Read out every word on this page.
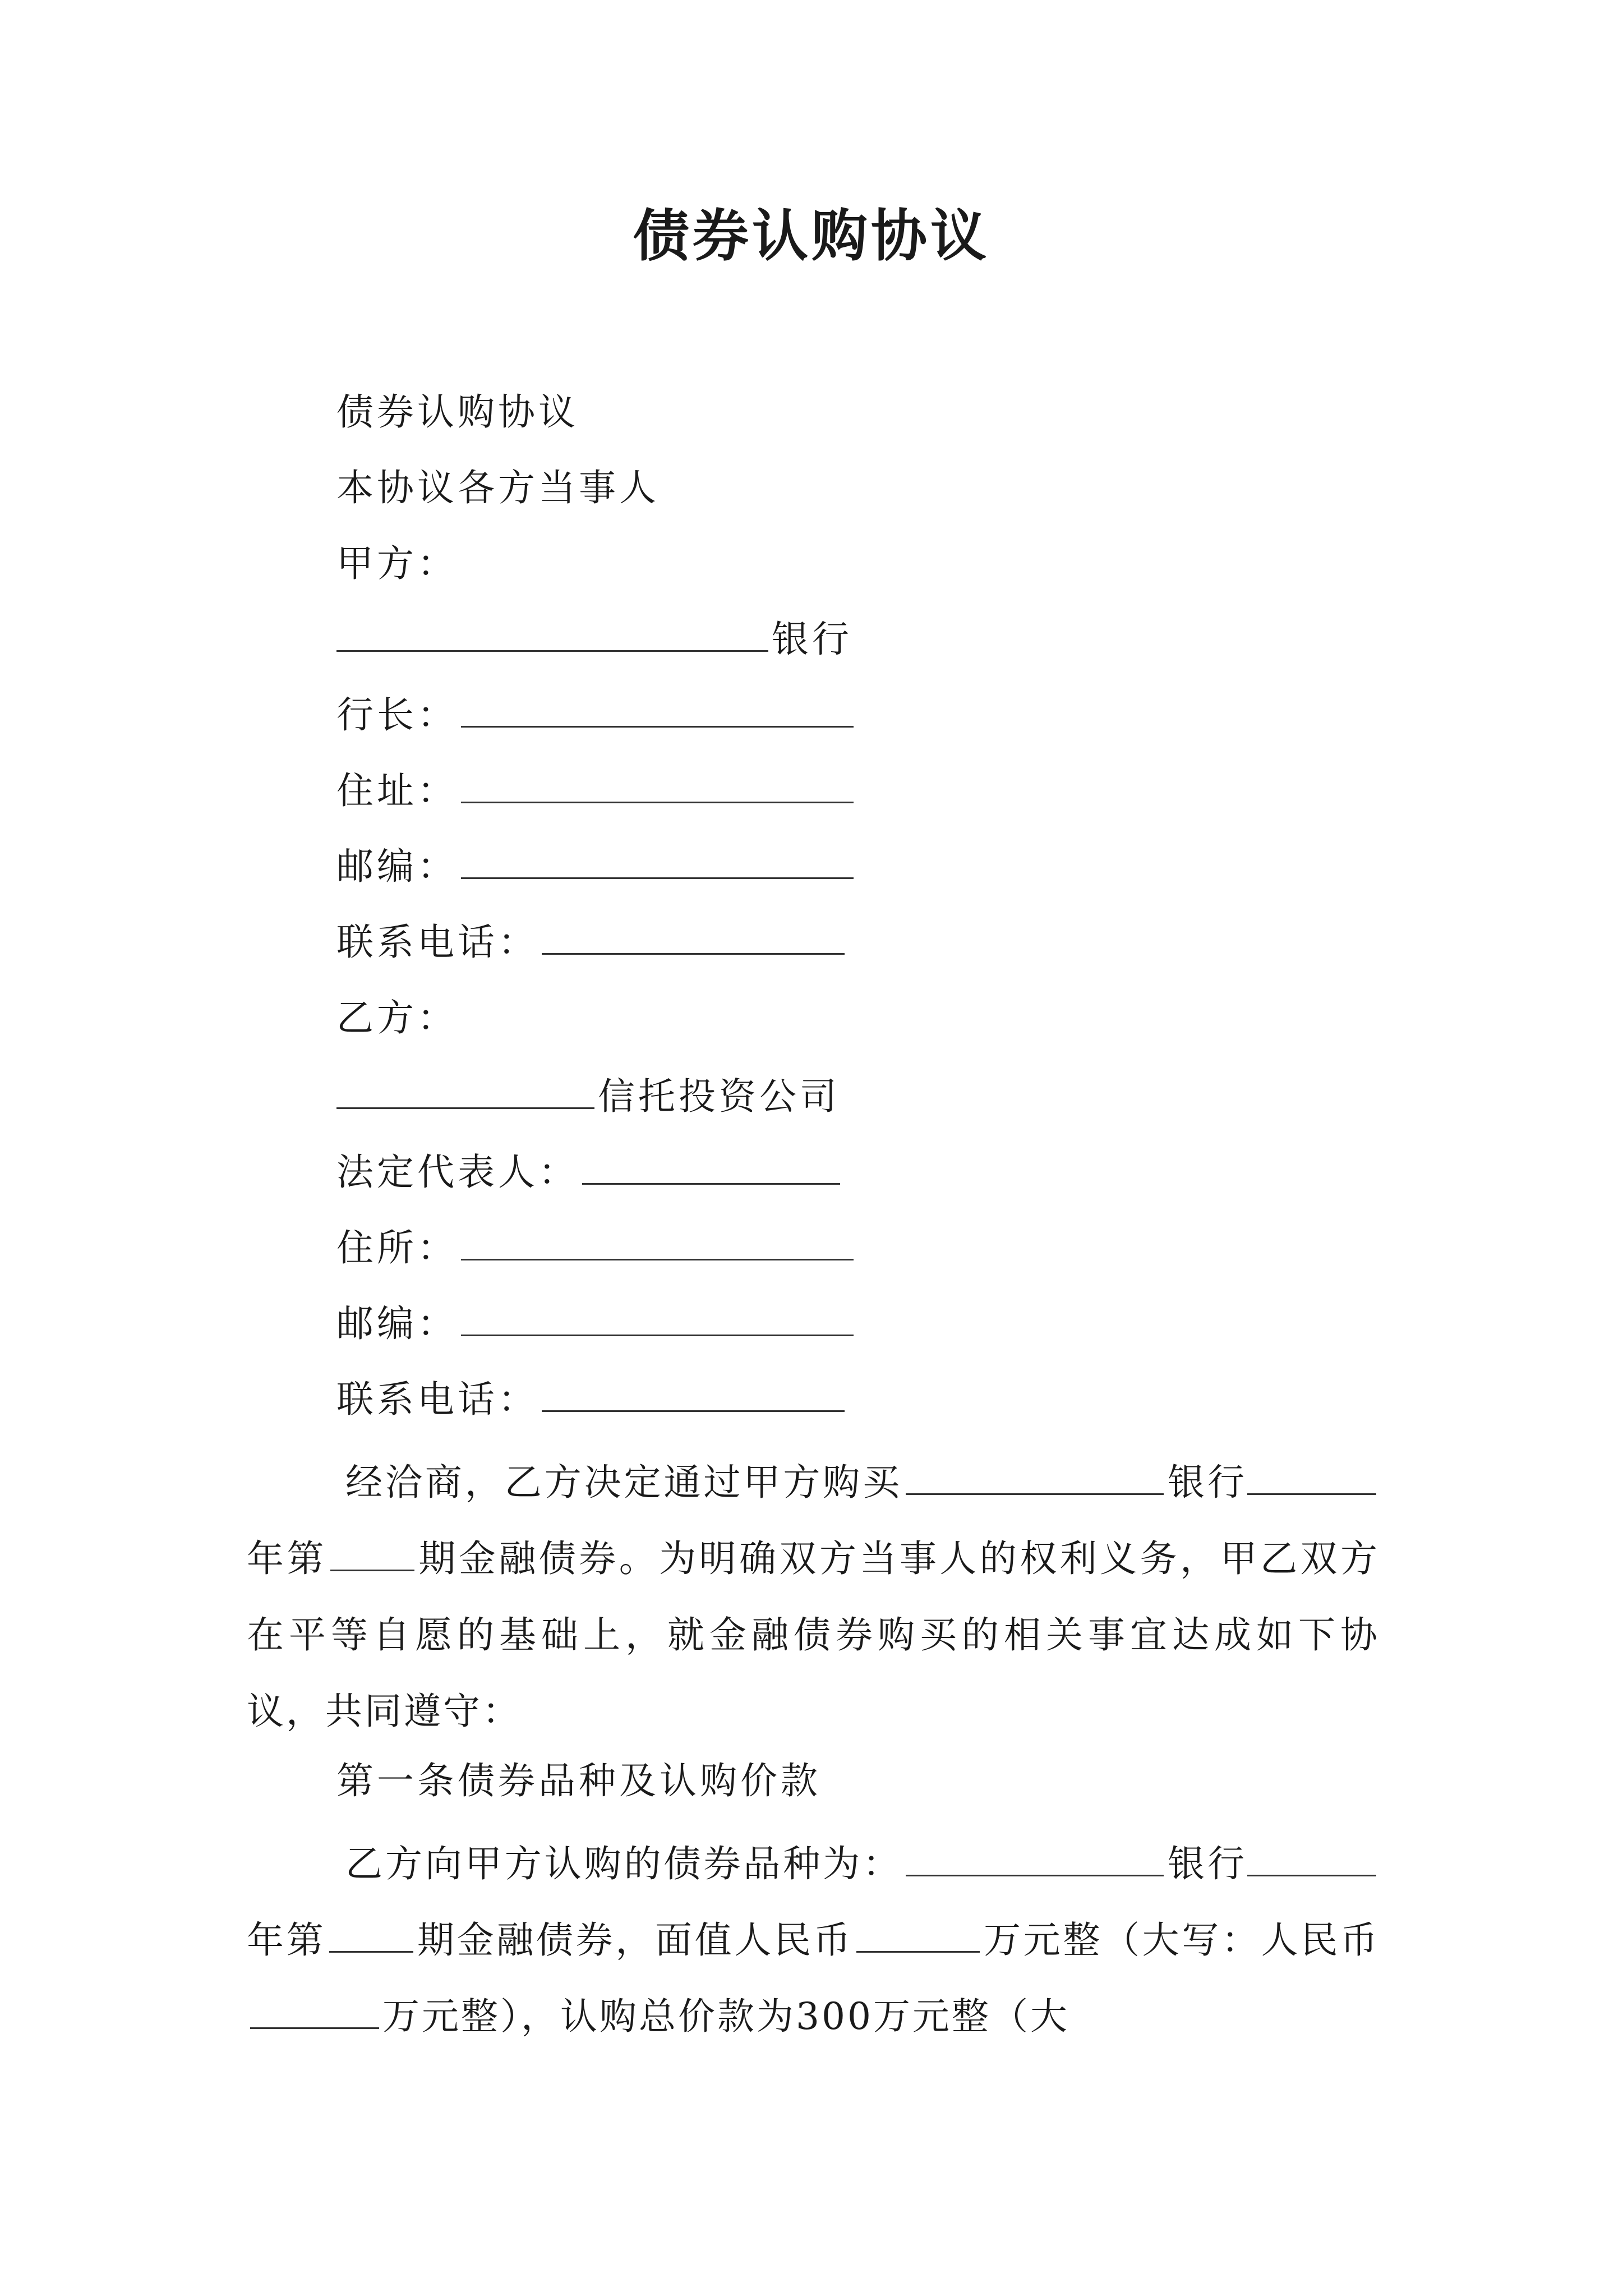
债券认购协议
债券认购协议
本协议各方当事人
甲方：
银行
行长：
住址：
邮编：
联系电话：
乙方：
信托投资公司
法定代表人：
住所：
邮编：
联系电话：
经洽商，乙方决定通过甲方购买	银行年第 期金融债券。为明确双方当事人的权利义务，甲乙双方在平等自愿的基础上，就金融债券购买的相关事宜达成如下协议，共同遵守：
第一条债券品种及认购价款
乙方向甲方认购的债券品种为：	银行年第 期金融债券，面值人民币	万元整（大写：人民币万元整），认购总价款为300万元整（大
